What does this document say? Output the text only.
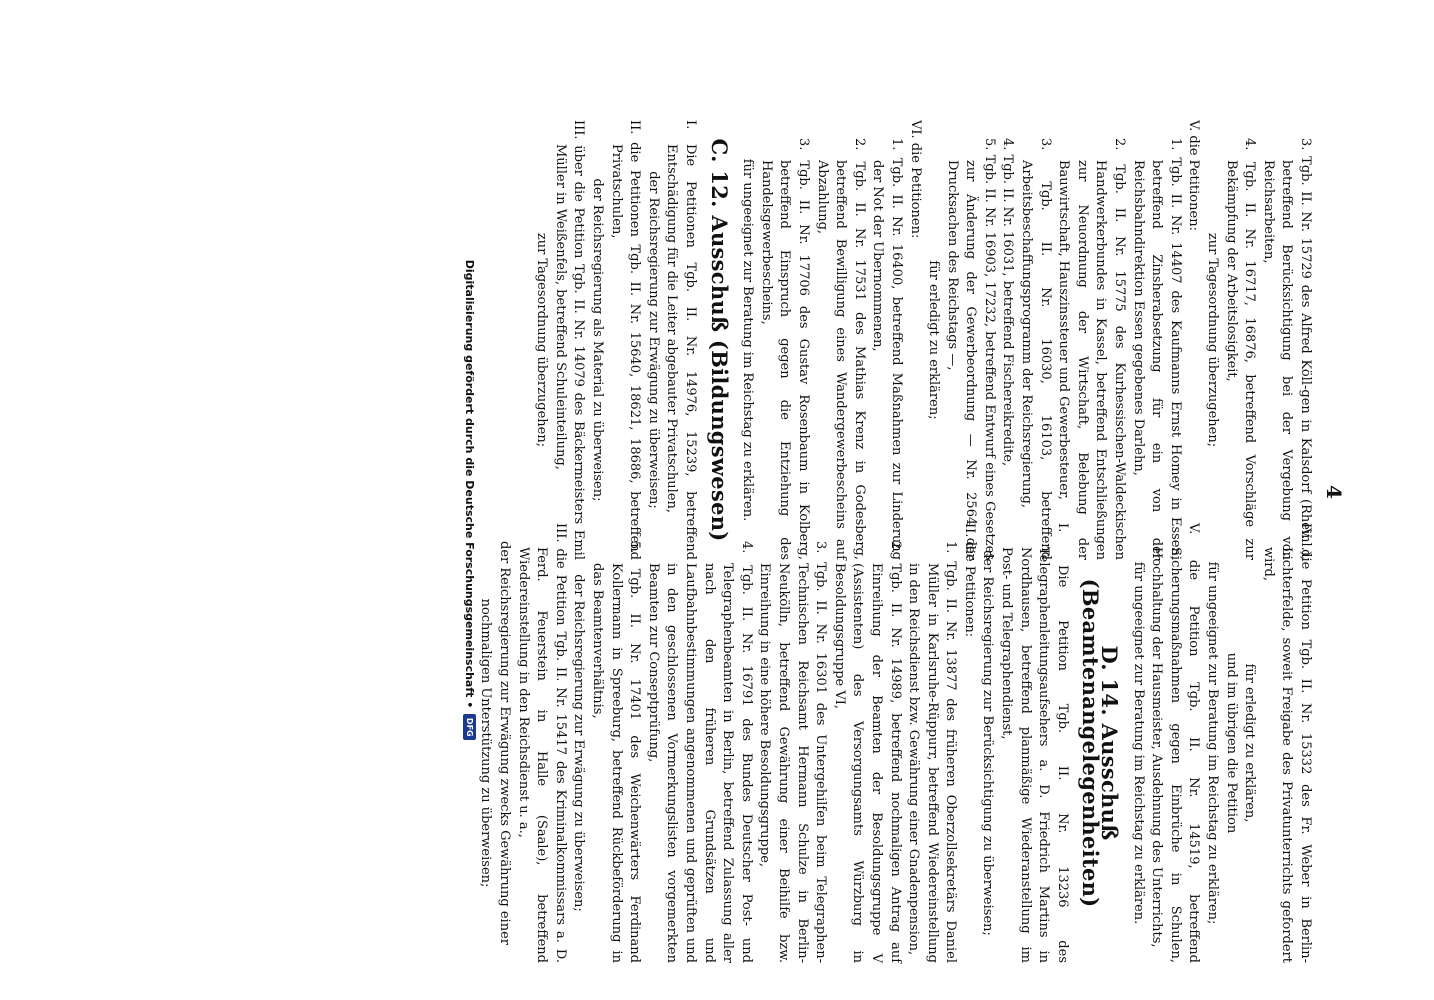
4

3. Tgb. II. Nr. 15729 des Alfred Köll-gen in Kalsdorf (Rheinl.), betreffend Berücksichtigung bei der Vergebung von Reichsarbeiten,

4. Tgb. II. Nr. 16717, 16876, betreffend Vorschläge zur Bekämpfung der Arbeitslosigkeit,

zur Tagesordnung überzugehen;

V. die Petitionen:

1. Tgb. II. Nr. 14407 des Kaufmanns Ernst Homey in Essen, betreffend Zinsherabsetzung für ein von der Reichsbahndirektion Essen gegebenes Darlehn,

2. Tgb. II. Nr. 15775 des Kurhessischen-Waldeckischen Handwerkerbundes in Kassel, betreffend Entschließungen zur Neuordnung der Wirtschaft, Belebung der Bauwirtschaft, Hauszinssteuer und Gewerbesteuer,

3. Tgb. II. Nr. 16030, 16103, betreffend Arbeitsbeschaffungsprogramm der Reichsregierung,

4. Tgb. II. Nr. 16031, betreffend Fischereikredite,

5. Tgb. II. Nr. 16903, 17232, betreffend Entwurf eines Gesetzes zur Änderung der Gewerbeordnung — Nr. 2564 der Drucksachen des Reichstags —,

für erledigt zu erklären;

VI. die Petitionen:

1. Tgb. II. Nr. 16400, betreffend Maßnahmen zur Linderung der Not der Ubernommenen,

2. Tgb. II. Nr. 17531 des Mathias Krenz in Godesberg, betreffend Bewilligung eines Wandergewerbescheins auf Abzahlung,

3. Tgb. II. Nr. 17706 des Gustav Rosenbaum in Kolberg, betreffend Einspruch gegen die Entziehung des Handelsgewerbescheins,

für ungeeignet zur Beratung im Reichstag zu erklären.

C. 12. Ausschuß (Bildungswesen)

I. Die Petitionen Tgb. II. Nr. 14976, 15239, betreffend Entschädigung für die Leiter abgebauter Privatschulen,

der Reichsregierung zur Erwägung zu überweisen;

II. die Petitionen Tgb. II. Nr. 15640, 18621, 18686, betreffend Privatschulen,

der Reichsregierung als Material zu überweisen;

III. über die Petition Tgb. II. Nr. 14079 des Bäckermeisters Emil Müller in Weißenfels, betreffend Schuleinteilung,

zur Tagesordnung überzugehen;

IV. die Petition Tgb. II. Nr. 15332 des Fr. Weber in Berlin-Lichterfelde, soweit Freigabe des Privatunterrichts gefordert wird,

für erledigt zu erklären,

und im übrigen die Petition

für ungeeignet zur Beratung im Reichstag zu erklären;

V. die Petition Tgb. II. Nr. 14519, betreffend Sicherungsmaßnahmen gegen Einbrüche in Schulen, Hochhaltung der Hausmeister, Ausdehnung des Unterrichts,

für ungeeignet zur Beratung im Reichstag zu erklären.

D. 14. Ausschuß (Beamtenangelegenheiten)

I. Die Petition Tgb. II. Nr. 13236 des Telegraphenleitungsaufsehers a. D. Friedrich Martins in Nordhausen, betreffend planmäßige Wiederanstellung im Post- und Telegraphendienst,

der Reichsregierung zur Berücksichtigung zu überweisen;

II. die Petitionen:

1. Tgb. II. Nr. 13877 des früheren Oberzollsekretärs Daniel Müller in Karlsruhe-Rüppurr, betreffend Wiedereinstellung in den Reichsdienst bzw. Gewährung einer Gnadenpension,

2. Tgb. II. Nr. 14989, betreffend nochmaligen Antrag auf Einreihung der Beamten der Besoldungsgruppe V (Assistenten) des Versorgungsamts Würzburg in Besoldungsgruppe VI,

3. Tgb. II. Nr. 16301 des Untergehilfen beim Telegraphen-Technischen Reichsamt Hermann Schulze in Berlin-Neukölln, betreffend Gewährung einer Beihilfe bzw. Einreihung in eine höhere Besoldungsgruppe,

4. Tgb. II. Nr. 16791 des Bundes Deutscher Post- und Telegraphenbeamten in Berlin, betreffend Zulassung aller nach den früheren Grundsätzen und Laufbahnbestimmungen angenommenen und geprüften und in den geschlossenen Vormerkungslisten vorgemerkten Beamten zur Conseptprüfung,

5. Tgb. II. Nr. 17401 des Weichenwärters Ferdinand Kollermann in Spreeburg, betreffend Rückbeförderung in das Beamtenverhältnis,

der Reichsregierung zur Erwägung zu überweisen;

III. die Petition Tgb. II. Nr. 15417 des Kriminalkommissars a. D. Ferd. Feuerstein in Halle (Saale), betreffend Wiedereinstellung in den Reichsdienst u. a.,

der Reichsregierung zur Erwägung zwecks Gewährung einer nochmaligen Unterstützung zu überweisen;

Digitalisierung gefördert durch die Deutsche Forschungsgemeinschaft •
DFG
